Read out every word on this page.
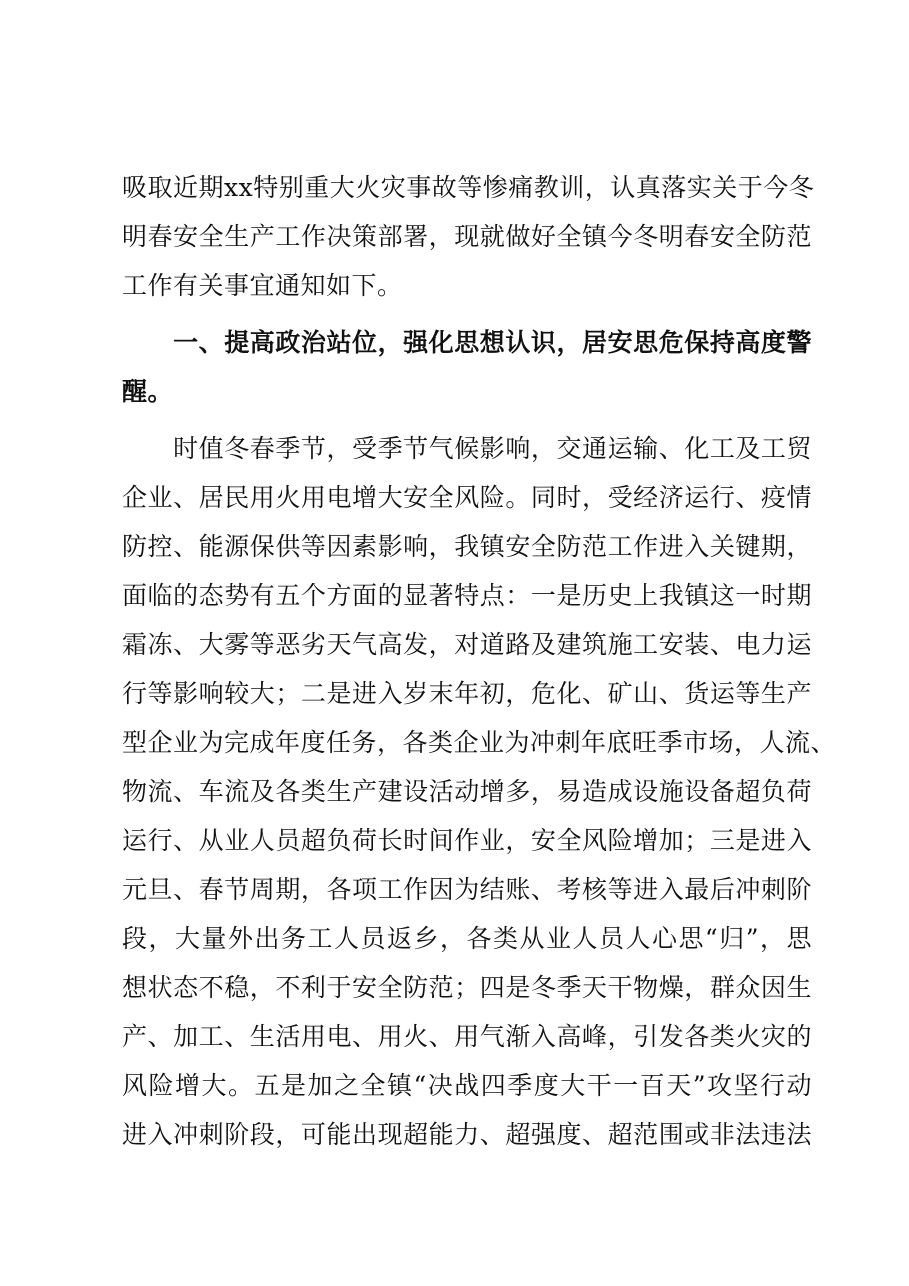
吸取近期xx特别重大火灾事故等惨痛教训，认真落实关于今冬
明春安全生产工作决策部署，现就做好全镇今冬明春安全防范
工作有关事宜通知如下。
　　一、提高政治站位，强化思想认识，居安思危保持高度警
醒。
　　时值冬春季节，受季节气候影响，交通运输、化工及工贸
企业、居民用火用电增大安全风险。同时，受经济运行、疫情
防控、能源保供等因素影响，我镇安全防范工作进入关键期，
面临的态势有五个方面的显著特点：一是历史上我镇这一时期
霜冻、大雾等恶劣天气高发，对道路及建筑施工安装、电力运
行等影响较大；二是进入岁末年初，危化、矿山、货运等生产
型企业为完成年度任务，各类企业为冲刺年底旺季市场，人流、
物流、车流及各类生产建设活动增多，易造成设施设备超负荷
运行、从业人员超负荷长时间作业，安全风险增加；三是进入
元旦、春节周期，各项工作因为结账、考核等进入最后冲刺阶
段，大量外出务工人员返乡，各类从业人员人心思“归”，思
想状态不稳，不利于安全防范；四是冬季天干物燥，群众因生
产、加工、生活用电、用火、用气渐入高峰，引发各类火灾的
风险增大。五是加之全镇“决战四季度大干一百天”攻坚行动
进入冲刺阶段，可能出现超能力、超强度、超范围或非法违法
